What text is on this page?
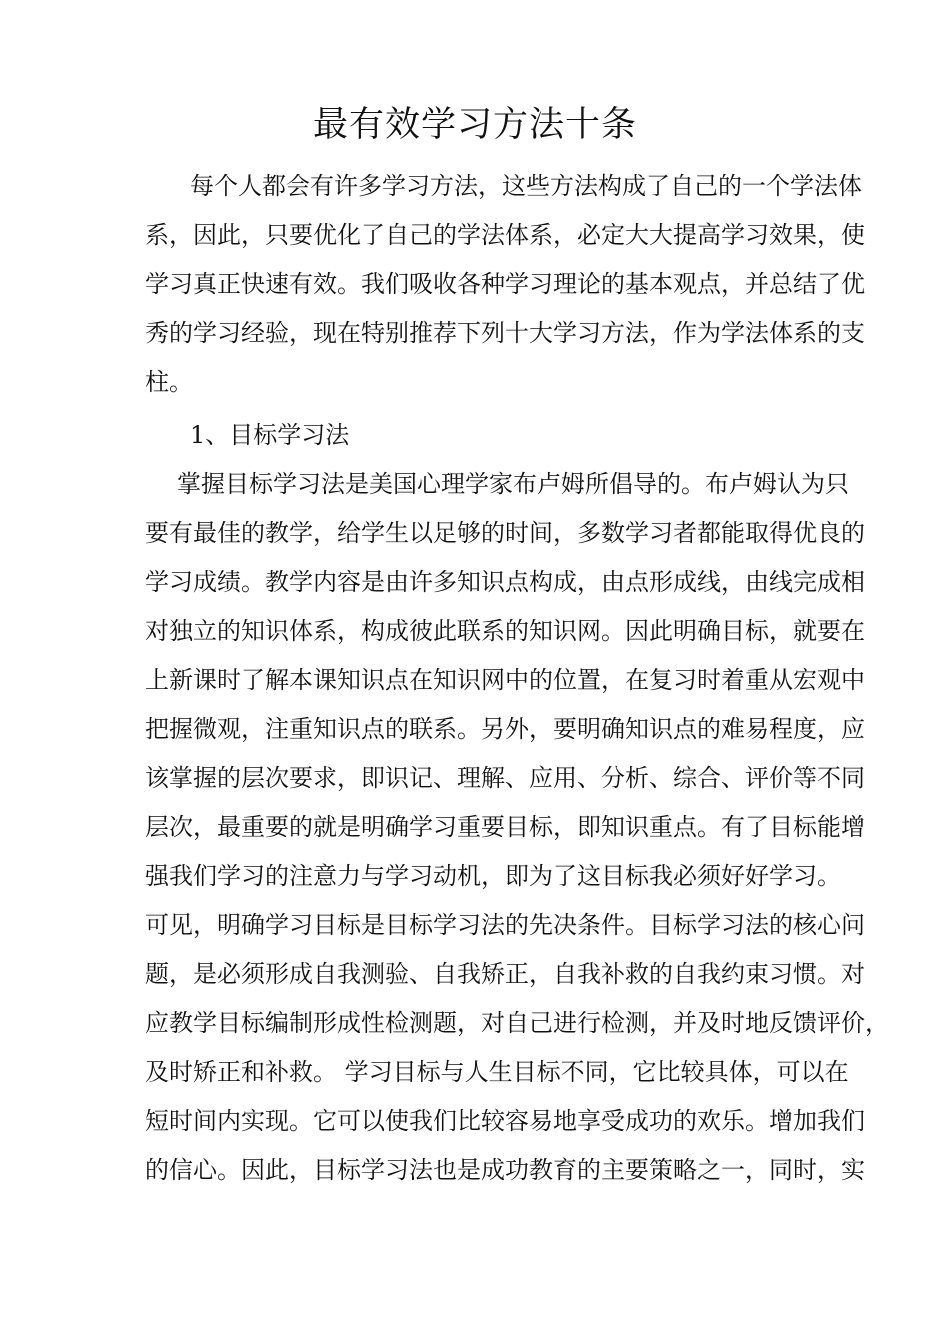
最有效学习方法十条
每个人都会有许多学习方法，这些方法构成了自己的一个学法体
系，因此，只要优化了自己的学法体系，必定大大提高学习效果，使
学习真正快速有效。我们吸收各种学习理论的基本观点，并总结了优
秀的学习经验，现在特别推荐下列十大学习方法，作为学法体系的支
柱。
1、目标学习法
掌握目标学习法是美国心理学家布卢姆所倡导的。布卢姆认为只
要有最佳的教学，给学生以足够的时间，多数学习者都能取得优良的
学习成绩。教学内容是由许多知识点构成，由点形成线，由线完成相
对独立的知识体系，构成彼此联系的知识网。因此明确目标，就要在
上新课时了解本课知识点在知识网中的位置，在复习时着重从宏观中
把握微观，注重知识点的联系。另外，要明确知识点的难易程度，应
该掌握的层次要求，即识记、理解、应用、分析、综合、评价等不同
层次，最重要的就是明确学习重要目标，即知识重点。有了目标能增
强我们学习的注意力与学习动机，即为了这目标我必须好好学习。
可见，明确学习目标是目标学习法的先决条件。目标学习法的核心问
题，是必须形成自我测验、自我矫正，自我补救的自我约束习惯。对
应教学目标编制形成性检测题，对自己进行检测，并及时地反馈评价，
及时矫正和补救。 学习目标与人生目标不同，它比较具体，可以在
短时间内实现。它可以使我们比较容易地享受成功的欢乐。增加我们
的信心。因此，目标学习法也是成功教育的主要策略之一，同时，实
